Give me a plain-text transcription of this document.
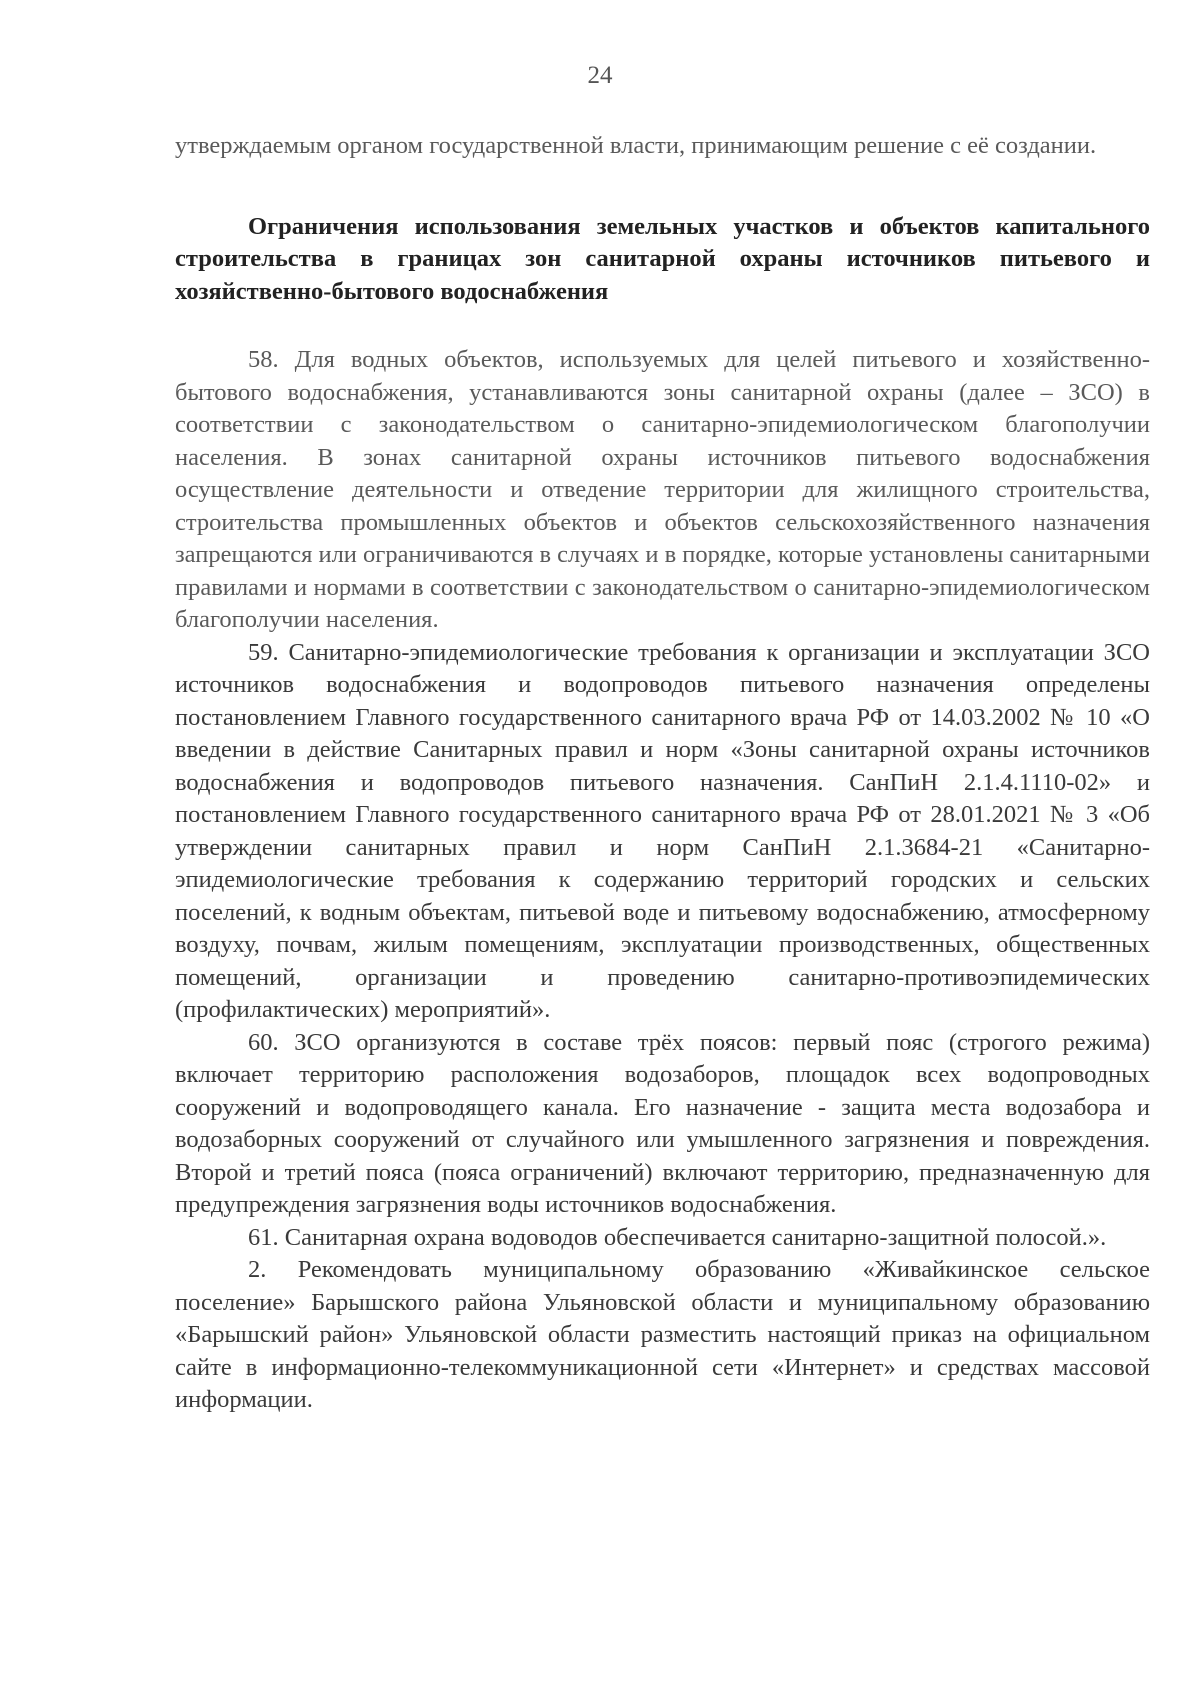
24

утверждаемым органом государственной власти, принимающим решение с её создании.

Ограничения использования земельных участков и объектов капитального строительства в границах зон санитарной охраны источников питьевого и хозяйственно-бытового водоснабжения

58. Для водных объектов, используемых для целей питьевого и хозяйственно-бытового водоснабжения, устанавливаются зоны санитарной охраны (далее – ЗСО) в соответствии с законодательством о санитарно-эпидемиологическом благополучии населения. В зонах санитарной охраны источников питьевого водоснабжения осуществление деятельности и отведение территории для жилищного строительства, строительства промышленных объектов и объектов сельскохозяйственного назначения запрещаются или ограничиваются в случаях и в порядке, которые установлены санитарными правилами и нормами в соответствии с законодательством о санитарно-эпидемиологическом благополучии населения.

59. Санитарно-эпидемиологические требования к организации и эксплуатации ЗСО источников водоснабжения и водопроводов питьевого назначения определены постановлением Главного государственного санитарного врача РФ от 14.03.2002 № 10 «О введении в действие Санитарных правил и норм «Зоны санитарной охраны источников водоснабжения и водопроводов питьевого назначения. СанПиН 2.1.4.1110-02» и постановлением Главного государственного санитарного врача РФ от 28.01.2021 № 3 «Об утверждении санитарных правил и норм СанПиН 2.1.3684-21 «Санитарно-эпидемиологические требования к содержанию территорий городских и сельских поселений, к водным объектам, питьевой воде и питьевому водоснабжению, атмосферному воздуху, почвам, жилым помещениям, эксплуатации производственных, общественных помещений, организации и проведению санитарно-противоэпидемических (профилактических) мероприятий».

60. ЗСО организуются в составе трёх поясов: первый пояс (строгого режима) включает территорию расположения водозаборов, площадок всех водопроводных сооружений и водопроводящего канала. Его назначение - защита места водозабора и водозаборных сооружений от случайного или умышленного загрязнения и повреждения. Второй и третий пояса (пояса ограничений) включают территорию, предназначенную для предупреждения загрязнения воды источников водоснабжения.

61. Санитарная охрана водоводов обеспечивается санитарно-защитной полосой.».

2. Рекомендовать муниципальному образованию «Живайкинское сельское поселение» Барышского района Ульяновской области и муниципальному образованию «Барышский район» Ульяновской области разместить настоящий приказ на официальном сайте в информационно-телекоммуникационной сети «Интернет» и средствах массовой информации.
